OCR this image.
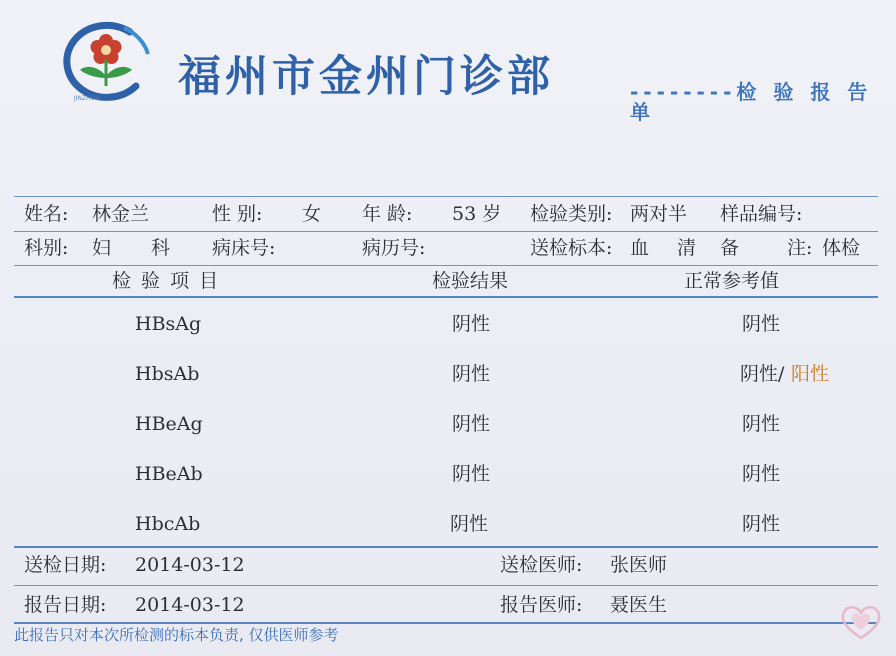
JINZHOU 福州市金州门诊部	--------检 验 报 告 单
姓名: 林金兰	性 别: 女 年 龄: 53 岁 检验类别: 两对半 样品编号:
科别: 妇 科 病床号:	病历号:	送检标本: 血 清 备 注: 体检
检 验 项 目	检验结果	正常参考值
HBsAg	阴性	阴性
HbsAb	阴性	阴性/ 阳性
HBeAg	阴性	阴性
HBeAb	阴性	阴性
HbcAb	阴性	阴性
送检日期: 2014-03-12	送检医师: 张医师
报告日期: 2014-03-12	报告医师: 聂医生
此报告只对本次所检测的标本负责, 仅供医师参考
